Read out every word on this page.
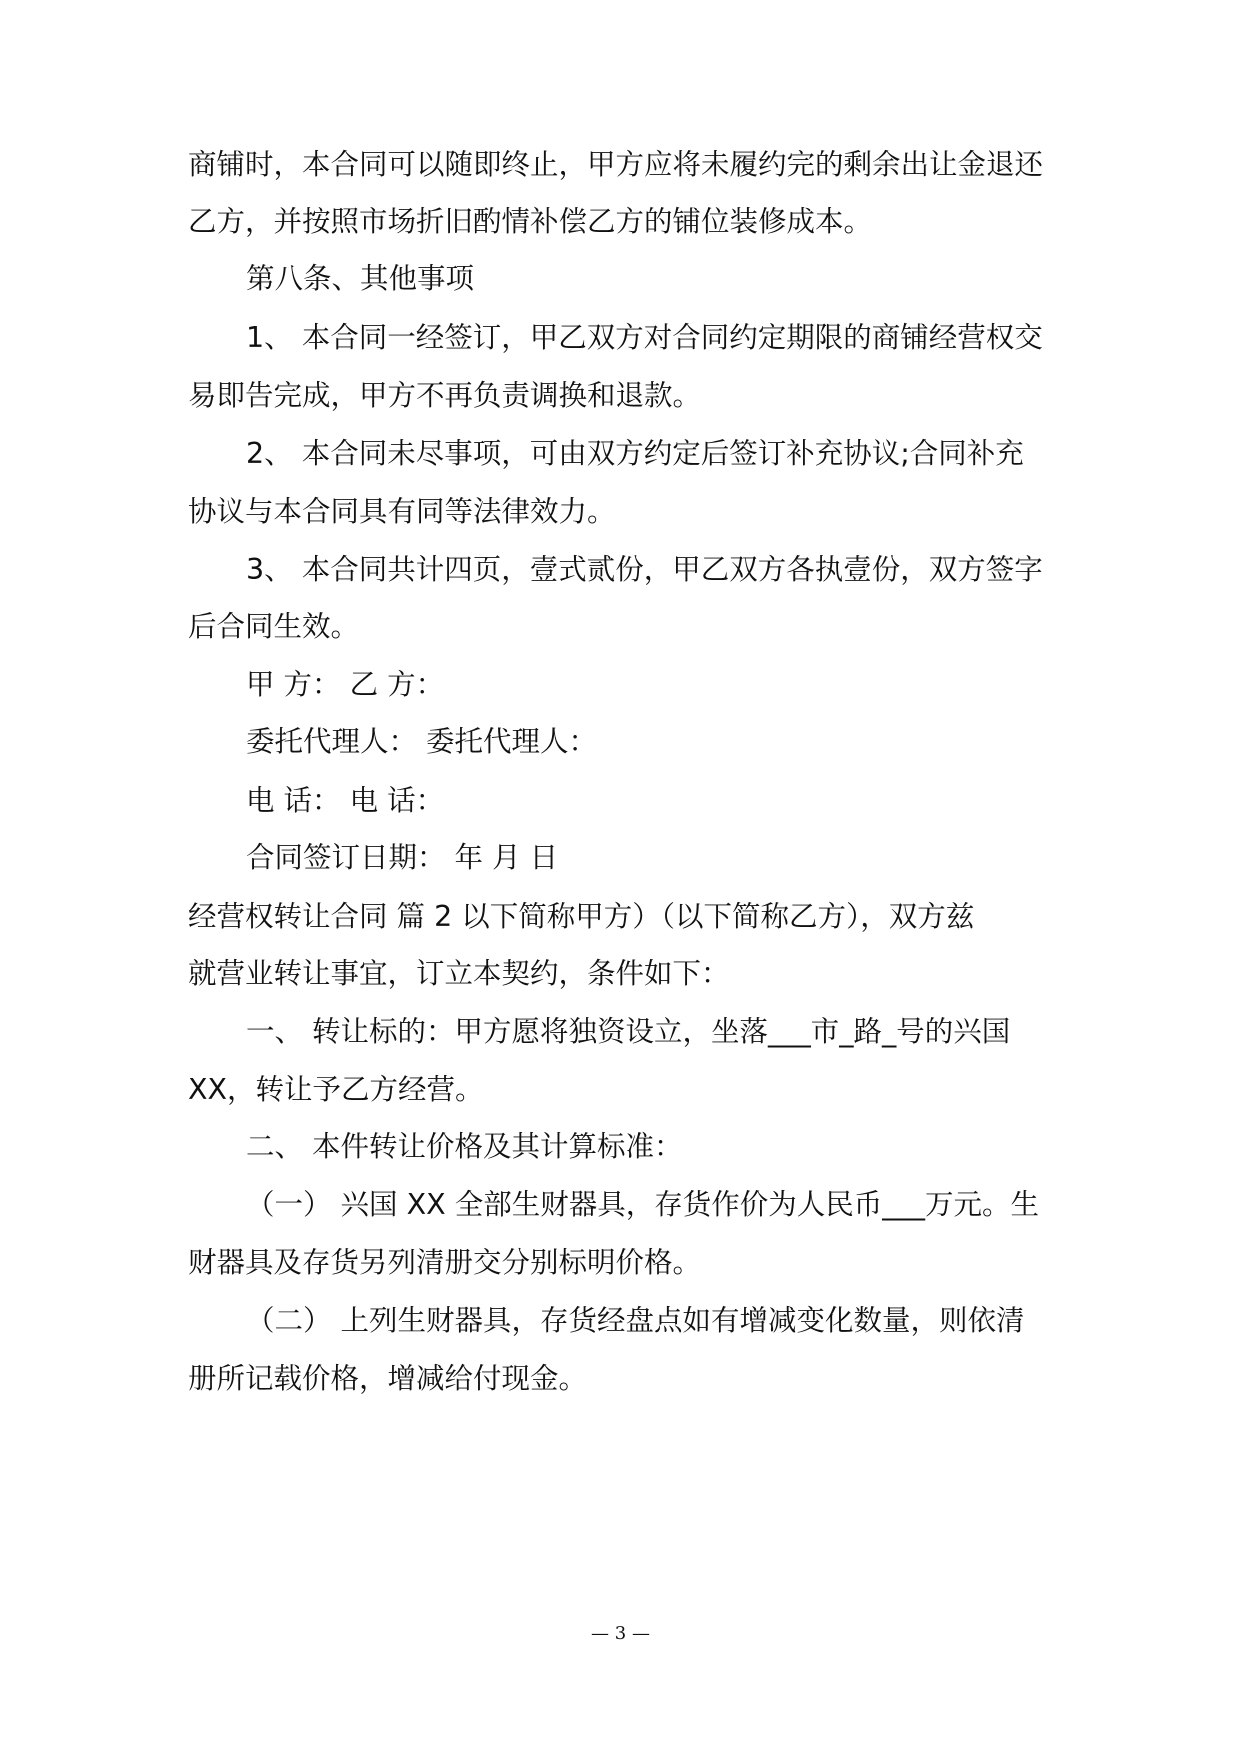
商铺时，本合同可以随即终止，甲方应将未履约完的剩余出让金退还
乙方，并按照市场折旧酌情补偿乙方的铺位装修成本。
第八条、其他事项
1、 本合同一经签订，甲乙双方对合同约定期限的商铺经营权交
易即告完成，甲方不再负责调换和退款。
2、 本合同未尽事项，可由双方约定后签订补充协议;合同补充
协议与本合同具有同等法律效力。
3、 本合同共计四页，壹式贰份，甲乙双方各执壹份，双方签字
后合同生效。
甲 方： 乙 方：
委托代理人： 委托代理人：
电 话： 电 话：
合同签订日期： 年 月 日
经营权转让合同 篇 2 以下简称甲方）（以下简称乙方），双方兹
就营业转让事宜，订立本契约，条件如下：
一、 转让标的：甲方愿将独资设立，坐落___市_路_号的兴国
XX，转让予乙方经营。
二、 本件转让价格及其计算标准：
（一） 兴国 XX 全部生财器具，存货作价为人民币___万元。生
财器具及存货另列清册交分别标明价格。
（二） 上列生财器具，存货经盘点如有增减变化数量，则依清
册所记载价格，增减给付现金。
— 3 —
